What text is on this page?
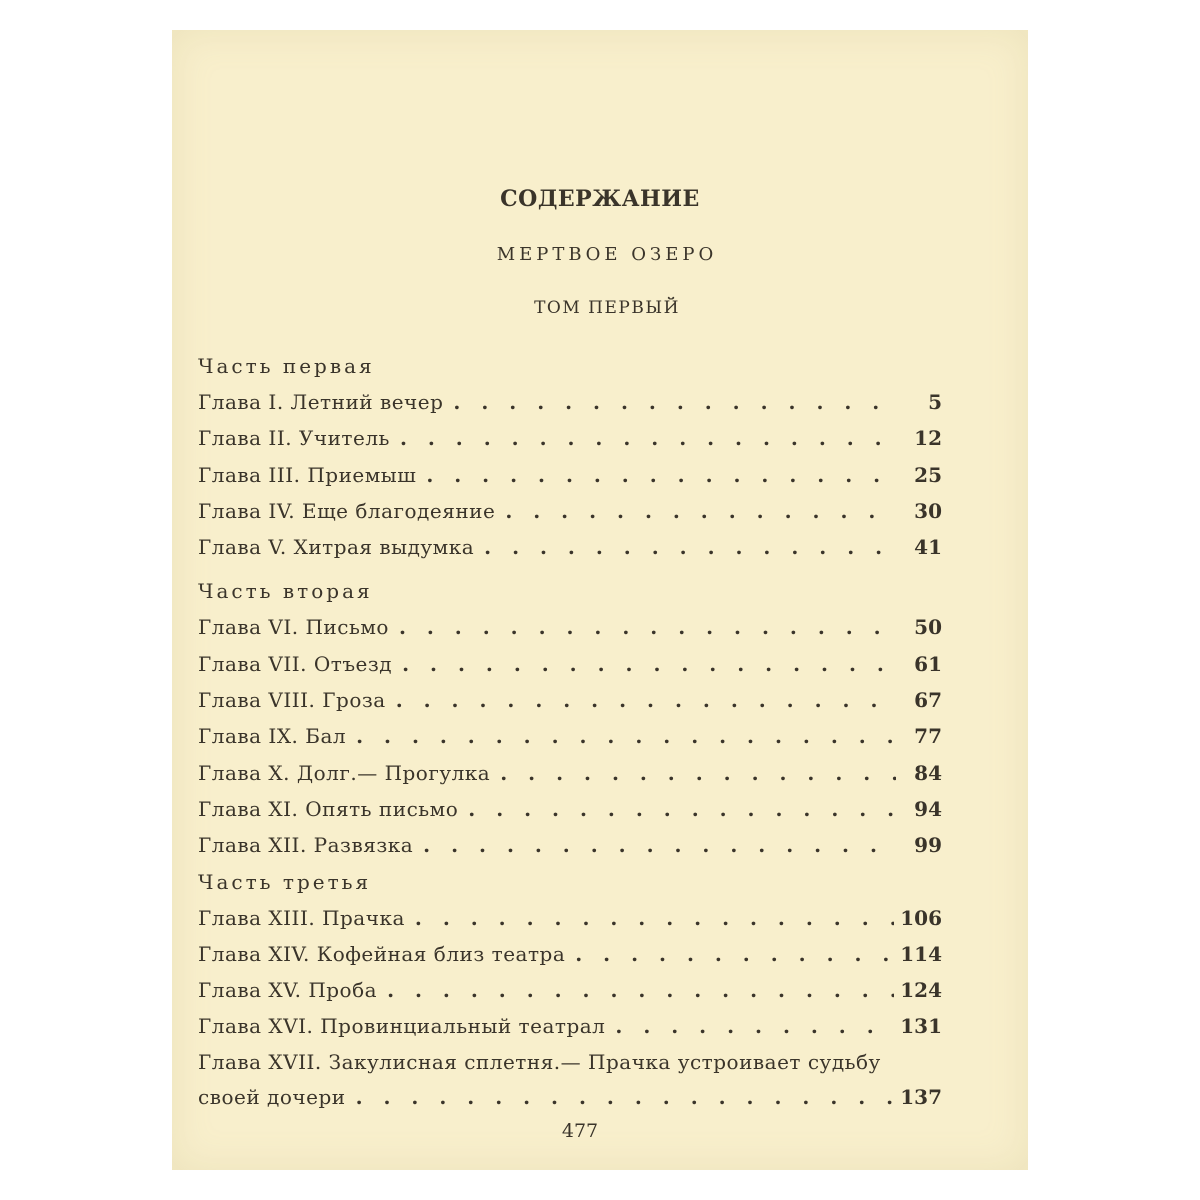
СОДЕРЖАНИЕ
МЕРТВОЕ ОЗЕРО
ТОМ ПЕРВЫЙ
Часть первая
Глава I. Летний вечер . . .	5
Глава II. Учитель . . .	12
Глава III. Приемыш . . .	25
Глава IV. Еще благодеяние . . .	30
Глава V. Хитрая выдумка . . .	41
Часть вторая
Глава VI. Письмо . . .	50
Глава VII. Отъезд . . .	61
Глава VIII. Гроза . . .	67
Глава IX. Бал . . .	77
Глава X. Долг.— Прогулка . . .	84
Глава XI. Опять письмо . . .	94
Глава XII. Развязка . . .	99
Часть третья
Глава XIII. Прачка . . .	106
Глава XIV. Кофейная близ театра . . .	114
Глава XV. Проба . . .	124
Глава XVI. Провинциальный театрал . . .	131
Глава XVII. Закулисная сплетня.— Прачка устроивает судьбу
своей дочери . . .	137
477
